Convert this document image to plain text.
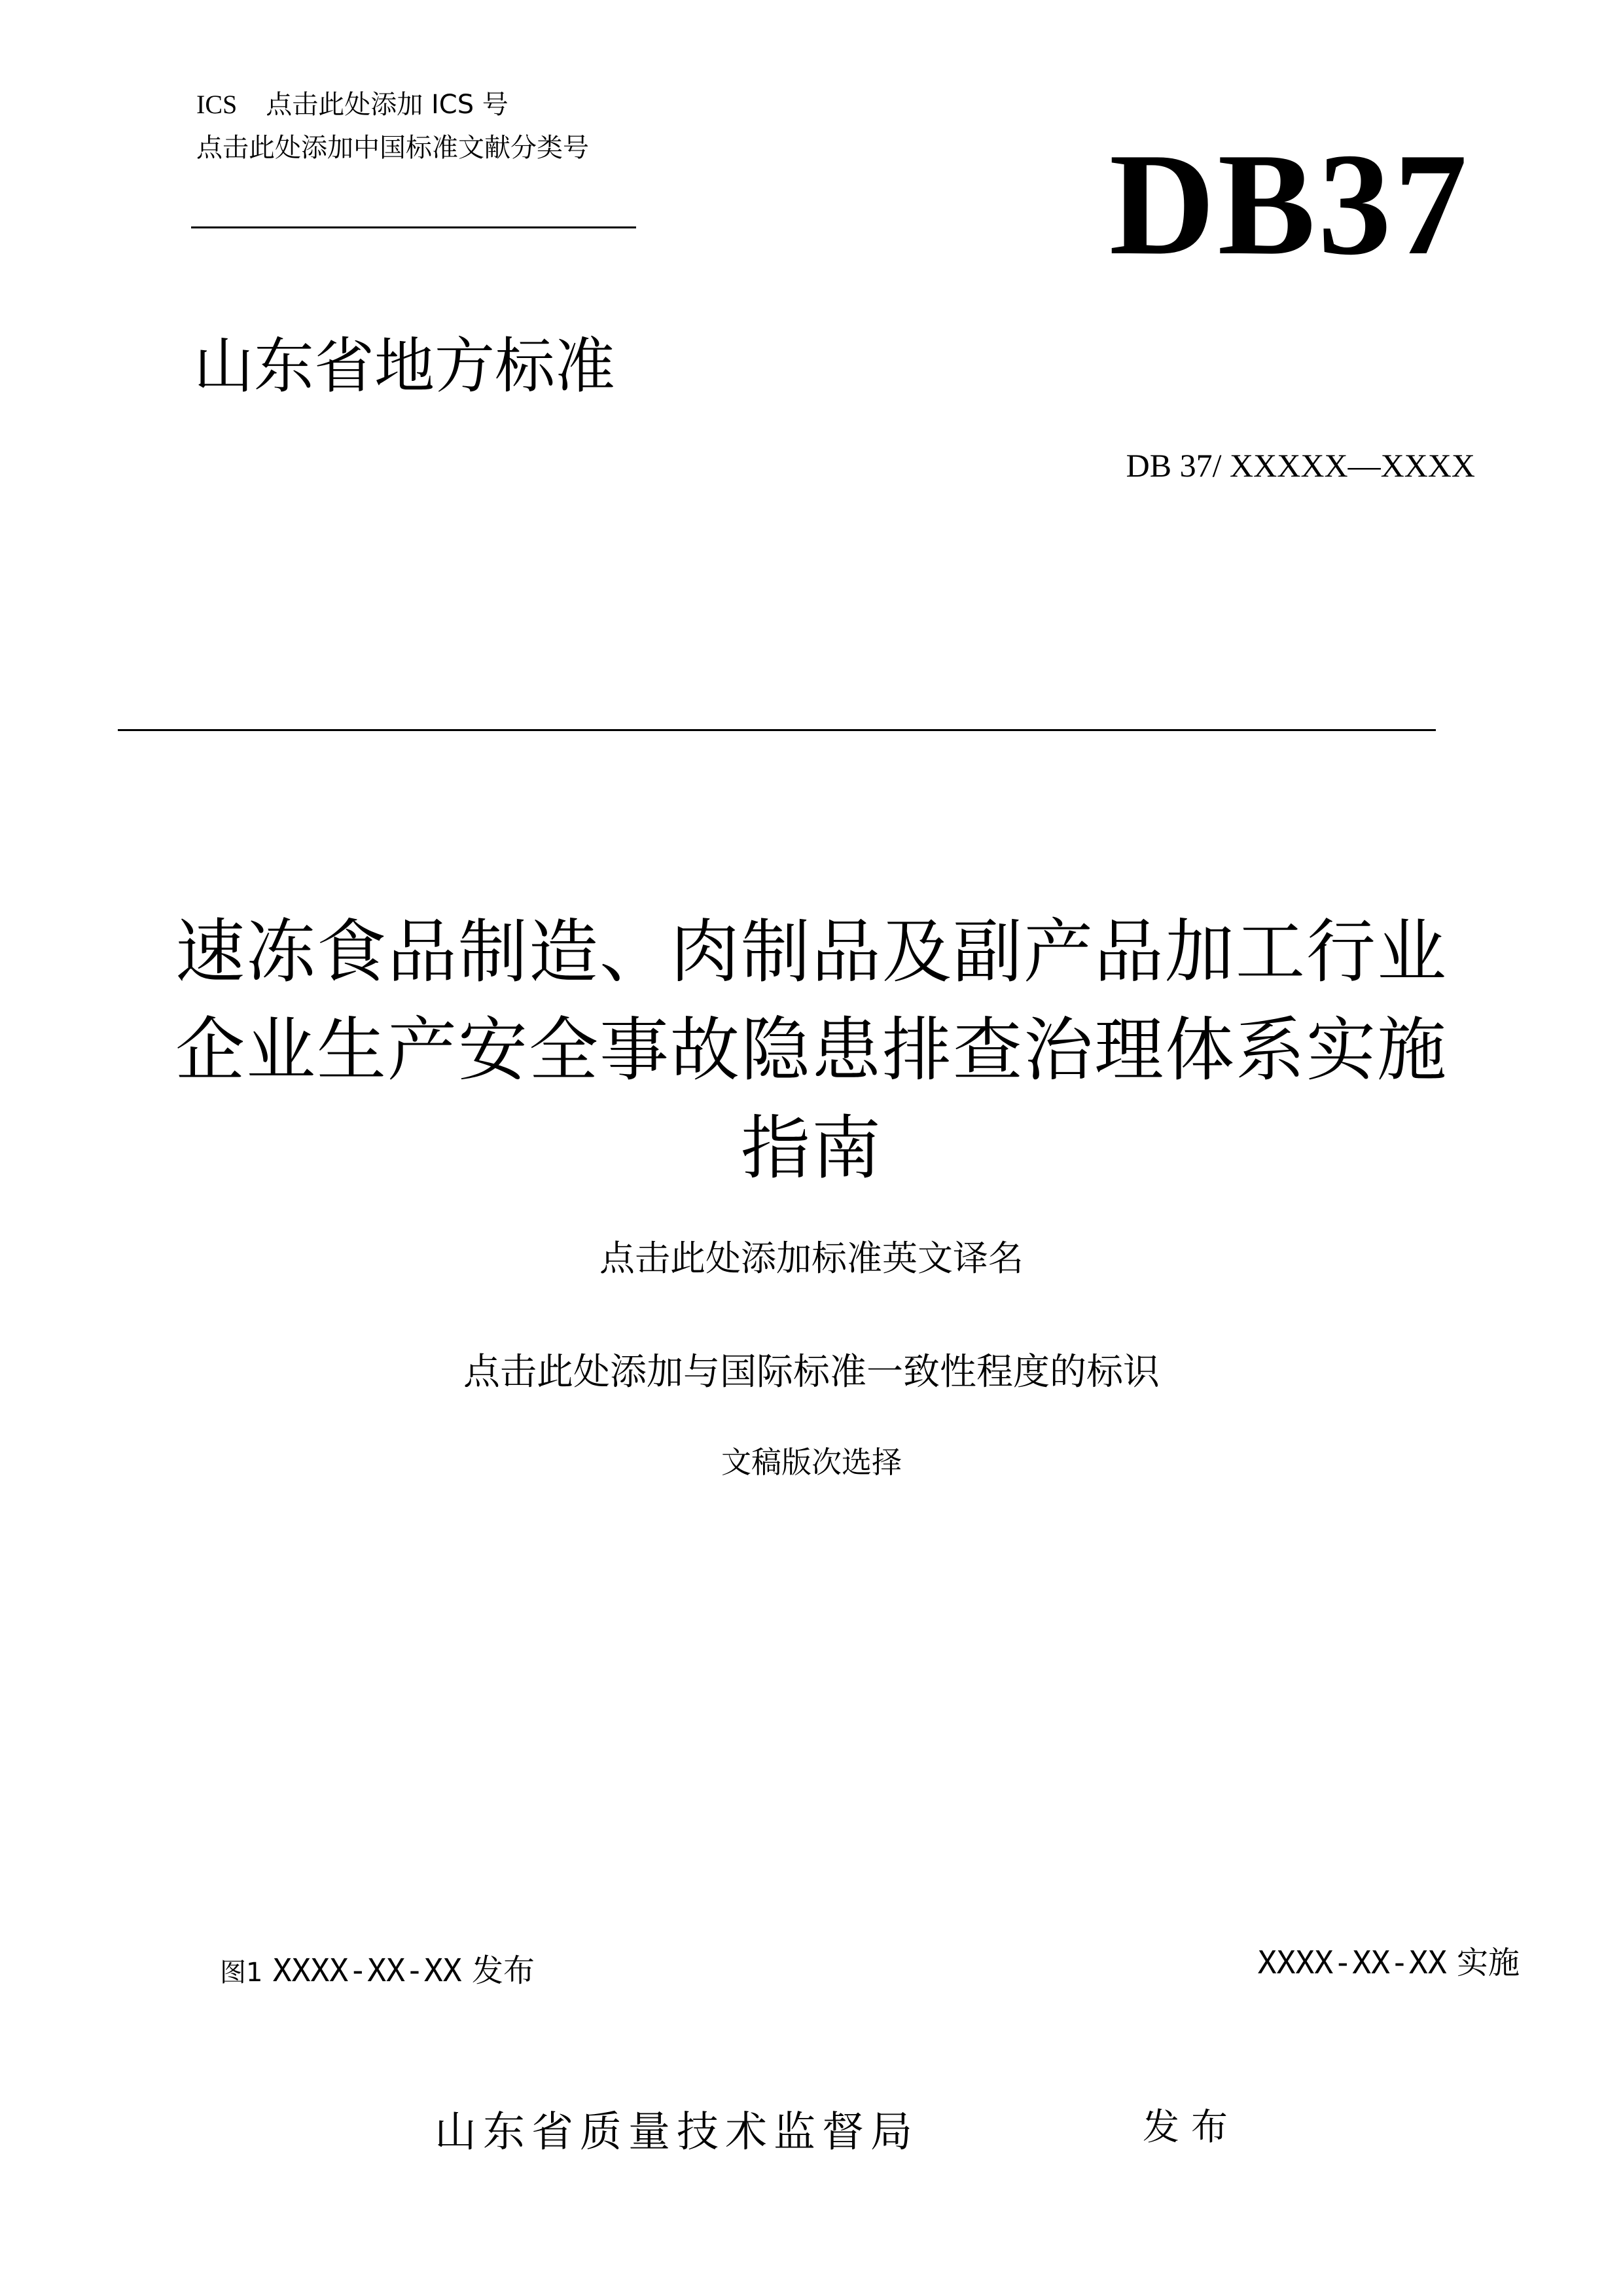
ICS 点击此处添加 ICS 号
点击此处添加中国标准文献分类号	DB37
山东省地方标准
DB 37/ XXXXX—XXXX
速冻食品制造、肉制品及副产品加工行业
企业生产安全事故隐患排查治理体系实施
指南
点击此处添加标准英文译名
点击此处添加与国际标准一致性程度的标识
文稿版次选择
图1 XXXX-XX-XX 发布	XXXX-XX-XX 实施
山东省质量技术监督局	发布
